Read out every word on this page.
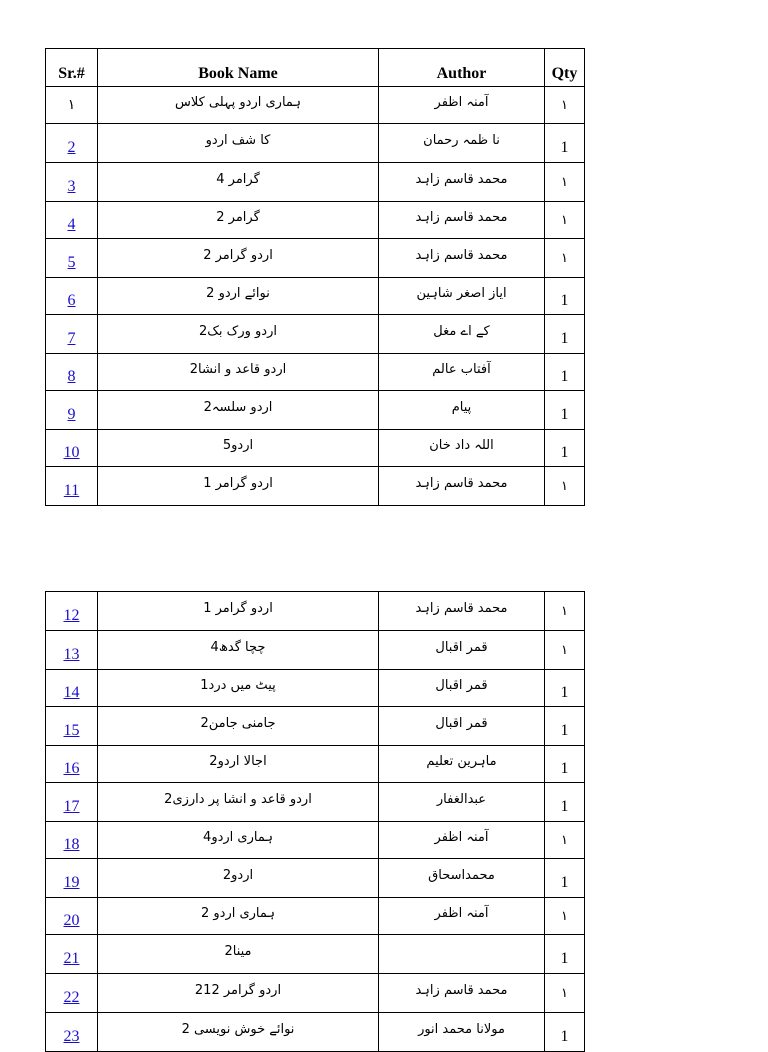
Sr.#	Book Name	Author	Qty
١	ہماری اردو پہلی کلاس	آمنہ اظفر	١
2	کا شف اردو	نا ظمہ رحمان	1
3	گرامر 4	محمد قاسم زاہد	١
4	گرامر 2	محمد قاسم زاہد	١
5	اردو گرامر 2	محمد قاسم زاہد	١
6	نوائے اردو 2	اياز اصغر شاہين	1
7	اردو ورک بک2	کے اے مغل	1
8	اردو قاعد و انشا2	آفتاب عالم	1
9	اردو سلسہ2	پيام	1
10	اردو5	اللہ داد خان	1
11	اردو گرامر 1	محمد قاسم زاہد	١
12	اردو گرامر 1	محمد قاسم زاہد	١
13	چچا گدھ4	قمر اقبال	١
14	پيٹ ميں درد1	قمر اقبال	1
15	جامنی جامن2	قمر اقبال	1
16	اجالا اردو2	ماہرين تعليم	1
17	اردو قاعد و انشا پر دارزی2	عبدالغفار	1
18	ہماری اردو4	آمنہ اظفر	١
19	اردو2	محمداسحاق	1
20	ہماری اردو 2	آمنہ اظفر	١
21	مينا2		1
22	اردو گرامر 212	محمد قاسم زاہد	١
23	نوائے خوش نويسی 2	مولانا محمد انور	1
